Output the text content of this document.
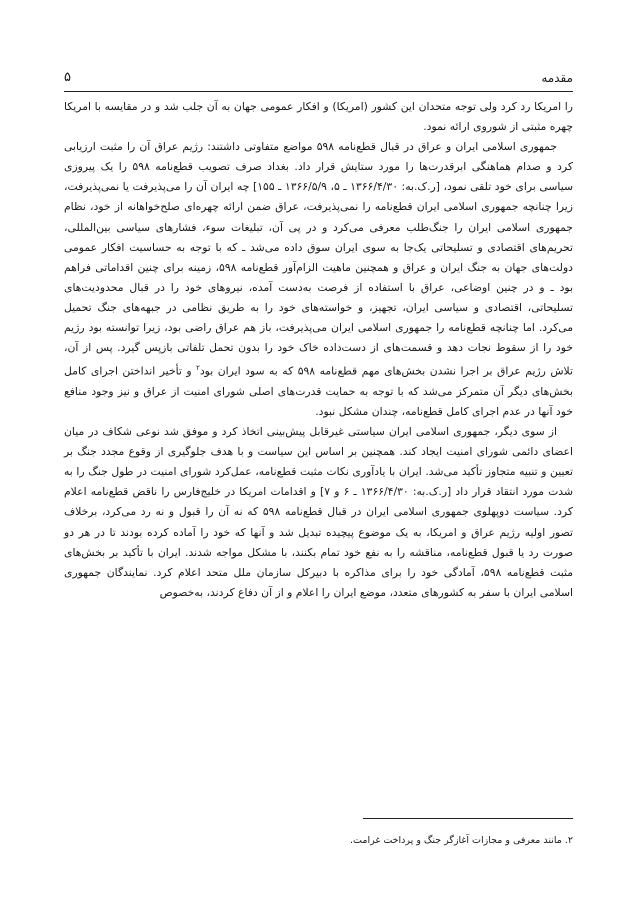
مقدمه
۵

را امریکا رد کرد ولی توجه متحدان این کشور (امریکا) و افکار عمومی جهان به آن جلب شد و در مقایسه با امریکا چهره مثبتی از شوروی ارائه نمود.

جمهوری اسلامی ایران و عراق در قبال قطع‌نامه ۵۹۸ مواضع متفاوتی داشتند: رژیم عراق آن را مثبت ارزیابی کرد و صدام هماهنگی ابرقدرت‌ها را مورد ستایش قرار داد. بغداد صرف تصویب قطع‌نامه ۵۹۸ را یک پیروزی سیاسی برای خود تلقی نمود، [ر.ک.به: ۱۳۶۶/۴/۳۰ ـ ۵، ۱۳۶۶/۵/۹ ـ ۱۵۵] چه ایران آن را می‌پذیرفت یا نمی‌پذیرفت، زیرا چنانچه جمهوری اسلامی ایران قطع‌نامه را نمی‌پذیرفت، عراق ضمن ارائه چهره‌ای صلح‌خواهانه از خود، نظام جمهوری اسلامی ایران را جنگ‌طلب معرفی می‌کرد و در پی آن، تبلیغات سوء، فشارهای سیاسی بین‌المللی، تحریم‌های اقتصادی و تسلیحاتی یک‌جا به سوی ایران سوق داده می‌شد ـ که با توجه به حساسیت افکار عمومی دولت‌های جهان به جنگ ایران و عراق و همچنین ماهیت الزام‌آور قطع‌نامه ۵۹۸، زمینه برای چنین اقداماتی فراهم بود ـ و در چنین اوضاعی، عراق با استفاده از فرصت به‌دست آمده، نیروهای خود را در قبال محدودیت‌های تسلیحاتی، اقتصادی و سیاسی ایران، تجهیز، و خواسته‌های خود را به طریق نظامی در جبهه‌های جنگ تحمیل می‌کرد. اما چنانچه قطع‌نامه را جمهوری اسلامی ایران می‌پذیرفت، باز هم عراق راضی بود، زیرا توانسته بود رژیم خود را از سقوط نجات دهد و قسمت‌های از دست‌داده خاک خود را بدون تحمل تلفاتی بازپس گیرد. پس از آن، تلاش رژیم عراق بر اجرا نشدن بخش‌های مهم قطع‌نامه ۵۹۸ که به سود ایران بود$^۲$ و تأخیر انداختن اجرای کامل بخش‌های دیگر آن متمرکز می‌شد که با توجه به حمایت قدرت‌های اصلی شورای امنیت از عراق و نیز وجود منافع خود آنها در عدم اجرای کامل قطع‌نامه، چندان مشکل نبود.

از سوی دیگر، جمهوری اسلامی ایران سیاستی غیرقابل پیش‌بینی اتخاذ کرد و موفق شد نوعی شکاف در میان اعضای دائمی شورای امنیت ایجاد کند. همچنین بر اساس این سیاست و با هدف جلوگیری از وقوع مجدد جنگ بر تعیین و تنبیه متجاوز تأکید می‌شد. ایران با یادآوری نکات مثبت قطع‌نامه، عمل‌کرد شورای امنیت در طول جنگ را به شدت مورد انتقاد قرار داد [ر.ک.به: ۱۳۶۶/۴/۳۰ ـ ۶ و ۷] و اقدامات امریکا در خلیج‌فارس را ناقض قطع‌نامه اعلام کرد. سیاست دوپهلوی جمهوری اسلامی ایران در قبال قطع‌نامه ۵۹۸ که نه آن را قبول و نه رد می‌کرد، برخلاف تصور اولیه رژیم عراق و امریکا، به یک موضوع پیچیده تبدیل شد و آنها که خود را آماده کرده بودند تا در هر دو صورت رد یا قبول قطع‌نامه، مناقشه را به نفع خود تمام بکنند، با مشکل مواجه شدند. ایران با تأکید بر بخش‌های مثبت قطع‌نامه ۵۹۸، آمادگی خود را برای مذاکره با دبیرکل سازمان ملل متحد اعلام کرد. نمایندگان جمهوری اسلامی ایران با سفر به کشورهای متعدد، موضع ایران را اعلام و از آن دفاع کردند، به‌خصوص

۲. مانند معرفی و مجازات آغازگر جنگ و پرداخت غرامت.
